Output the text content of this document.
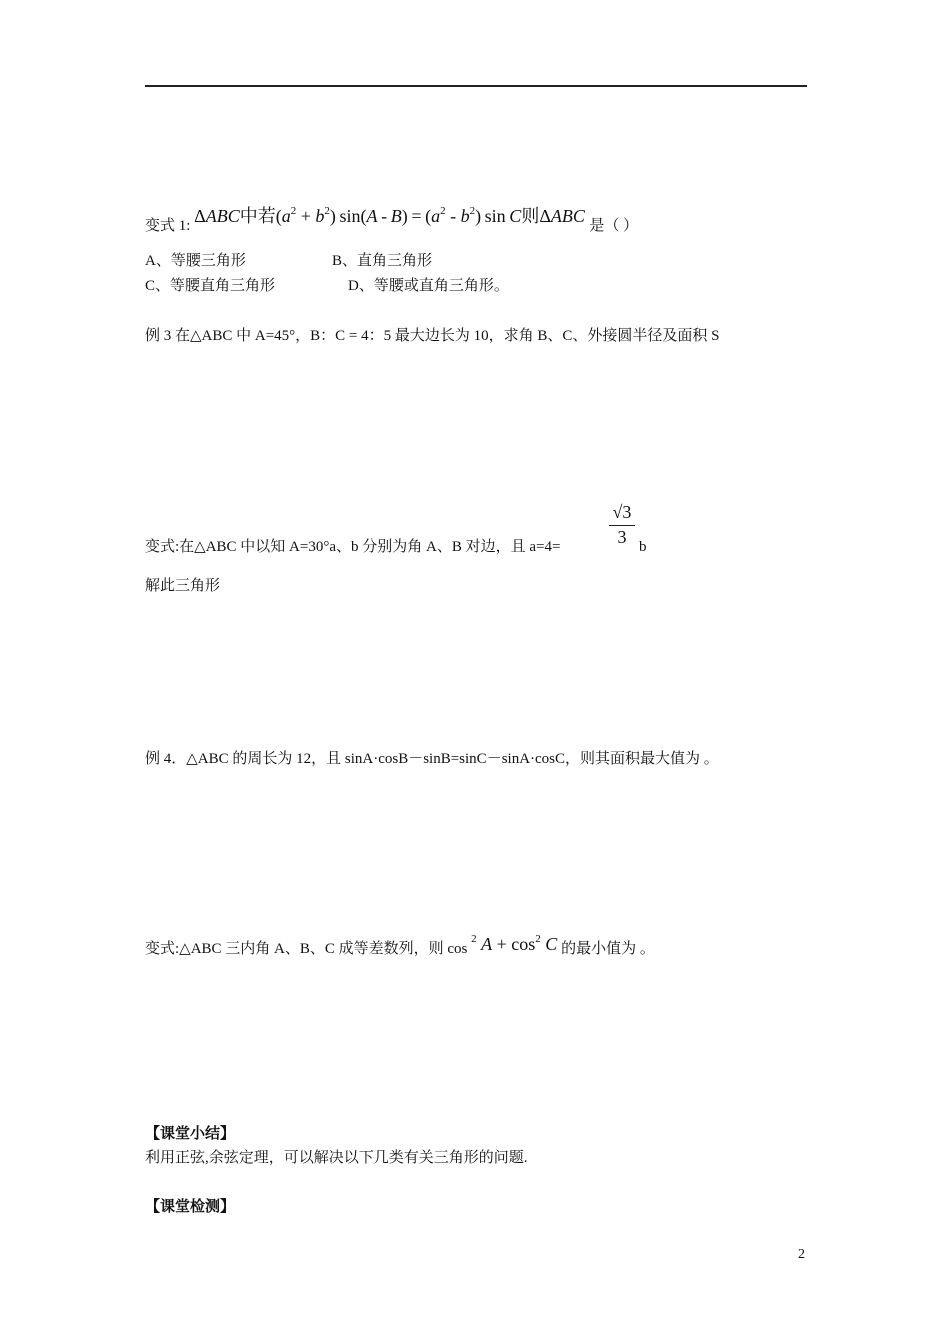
变式 1: ΔABC中若$(a^2 + b^2)$ $\sin(A - B) = (a^2 - b^2)$ sin C则ΔABC 是（ ）
A、等腰三角形	B、直角三角形
C、等腰直角三角形	D、等腰或直角三角形。
例 3 在△ABC 中 A=45°，B：C = 4：5 最大边长为 10，求角 B、C、外接圆半径及面积 S
变式:在△ABC 中以知 A=30°a、b 分别为角 A、B 对边，且 a=4=	$\frac{√3}{3}$ b
解此三角形
例 4．△ABC 的周长为 12，且 sinA·cosB－sinB=sinC－sinA·cosC，则其面积最大值为 。
变式:△ABC 三内角 A、B、C 成等差数列，则 cos $^2$ $A + \cos^2 C$ 的最小值为 。
【课堂小结】
利用正弦,余弦定理，可以解决以下几类有关三角形的问题.
【课堂检测】
2
